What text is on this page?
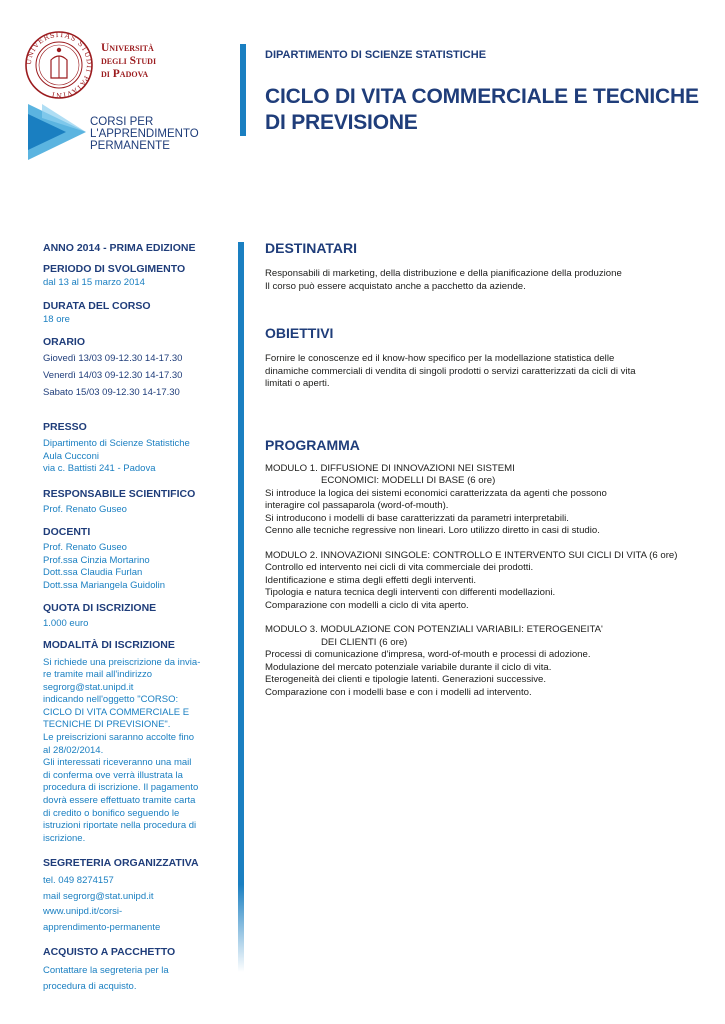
UNIVERSITAS STUDII PATAVINI
Università
degli Studi
di Padova
CORSI PER
L'APPRENDIMENTO
PERMANENTE
DIPARTIMENTO DI SCIENZE STATISTICHE
CICLO DI VITA COMMERCIALE E TECNICHE DI PREVISIONE

ANNO 2014 - PRIMA EDIZIONE

PERIODO DI SVOLGIMENTO

dal 13 al 15 marzo 2014

DURATA DEL CORSO

18 ore

ORARIO

Giovedì 13/03 09-12.30 14-17.30
Venerdì 14/03 09-12.30 14-17.30
Sabato 15/03 09-12.30 14-17.30

PRESSO

Dipartimento di Scienze Statistiche
Aula Cucconi
via c. Battisti 241 - Padova

RESPONSABILE SCIENTIFICO

Prof. Renato Guseo

DOCENTI

Prof. Renato Guseo
Prof.ssa Cinzia Mortarino
Dott.ssa Claudia Furlan
Dott.ssa Mariangela Guidolin

QUOTA DI ISCRIZIONE

1.000 euro

MODALITÀ DI ISCRIZIONE

Si richiede una preiscrizione da invia-
re tramite mail all'indirizzo
segrorg@stat.unipd.it
indicando nell'oggetto "CORSO:
CICLO DI VITA COMMERCIALE E
TECNICHE DI PREVISIONE".
Le preiscrizioni saranno accolte fino
al 28/02/2014.
Gli interessati riceveranno una mail
di conferma ove verrà illustrata la
procedura di iscrizione. Il pagamento
dovrà essere effettuato tramite carta
di credito o bonifico seguendo le
istruzioni riportate nella procedura di
iscrizione.

SEGRETERIA ORGANIZZATIVA

tel. 049 8274157
mail segrorg@stat.unipd.it
www.unipd.it/corsi-
apprendimento-permanente

ACQUISTO A PACCHETTO

Contattare la segreteria per la
procedura di acquisto.

DESTINATARI

Responsabili di marketing, della distribuzione e della pianificazione della produzione
Il corso può essere acquistato anche a pacchetto da aziende.

OBIETTIVI

Fornire le conoscenze ed il know-how specifico per la modellazione statistica delle
dinamiche commerciali di vendita di singoli prodotti o servizi caratterizzati da cicli di vita
limitati o aperti.

PROGRAMMA

MODULO 1. DIFFUSIONE DI INNOVAZIONI NEI SISTEMI
ECONOMICI: MODELLI DI BASE (6 ore)
Si introduce la logica dei sistemi economici caratterizzata da agenti che possono
interagire col passaparola (word-of-mouth).
Si introducono i modelli di base caratterizzati da parametri interpretabili.
Cenno alle tecniche regressive non lineari. Loro utilizzo diretto in casi di studio.
MODULO 2. INNOVAZIONI SINGOLE: CONTROLLO E INTERVENTO SUI CICLI DI VITA (6 ore)
Controllo ed intervento nei cicli di vita commerciale dei prodotti.
Identificazione e stima degli effetti degli interventi.
Tipologia e natura tecnica degli interventi con differenti modellazioni.
Comparazione con modelli a ciclo di vita aperto.
MODULO 3. MODULAZIONE CON POTENZIALI VARIABILI: ETEROGENEITA'
DEI CLIENTI (6 ore)
Processi di comunicazione d'impresa, word-of-mouth e processi di adozione.
Modulazione del mercato potenziale variabile durante il ciclo di vita.
Eterogeneità dei clienti e tipologie latenti. Generazioni successive.
Comparazione con i modelli base e con i modelli ad intervento.
